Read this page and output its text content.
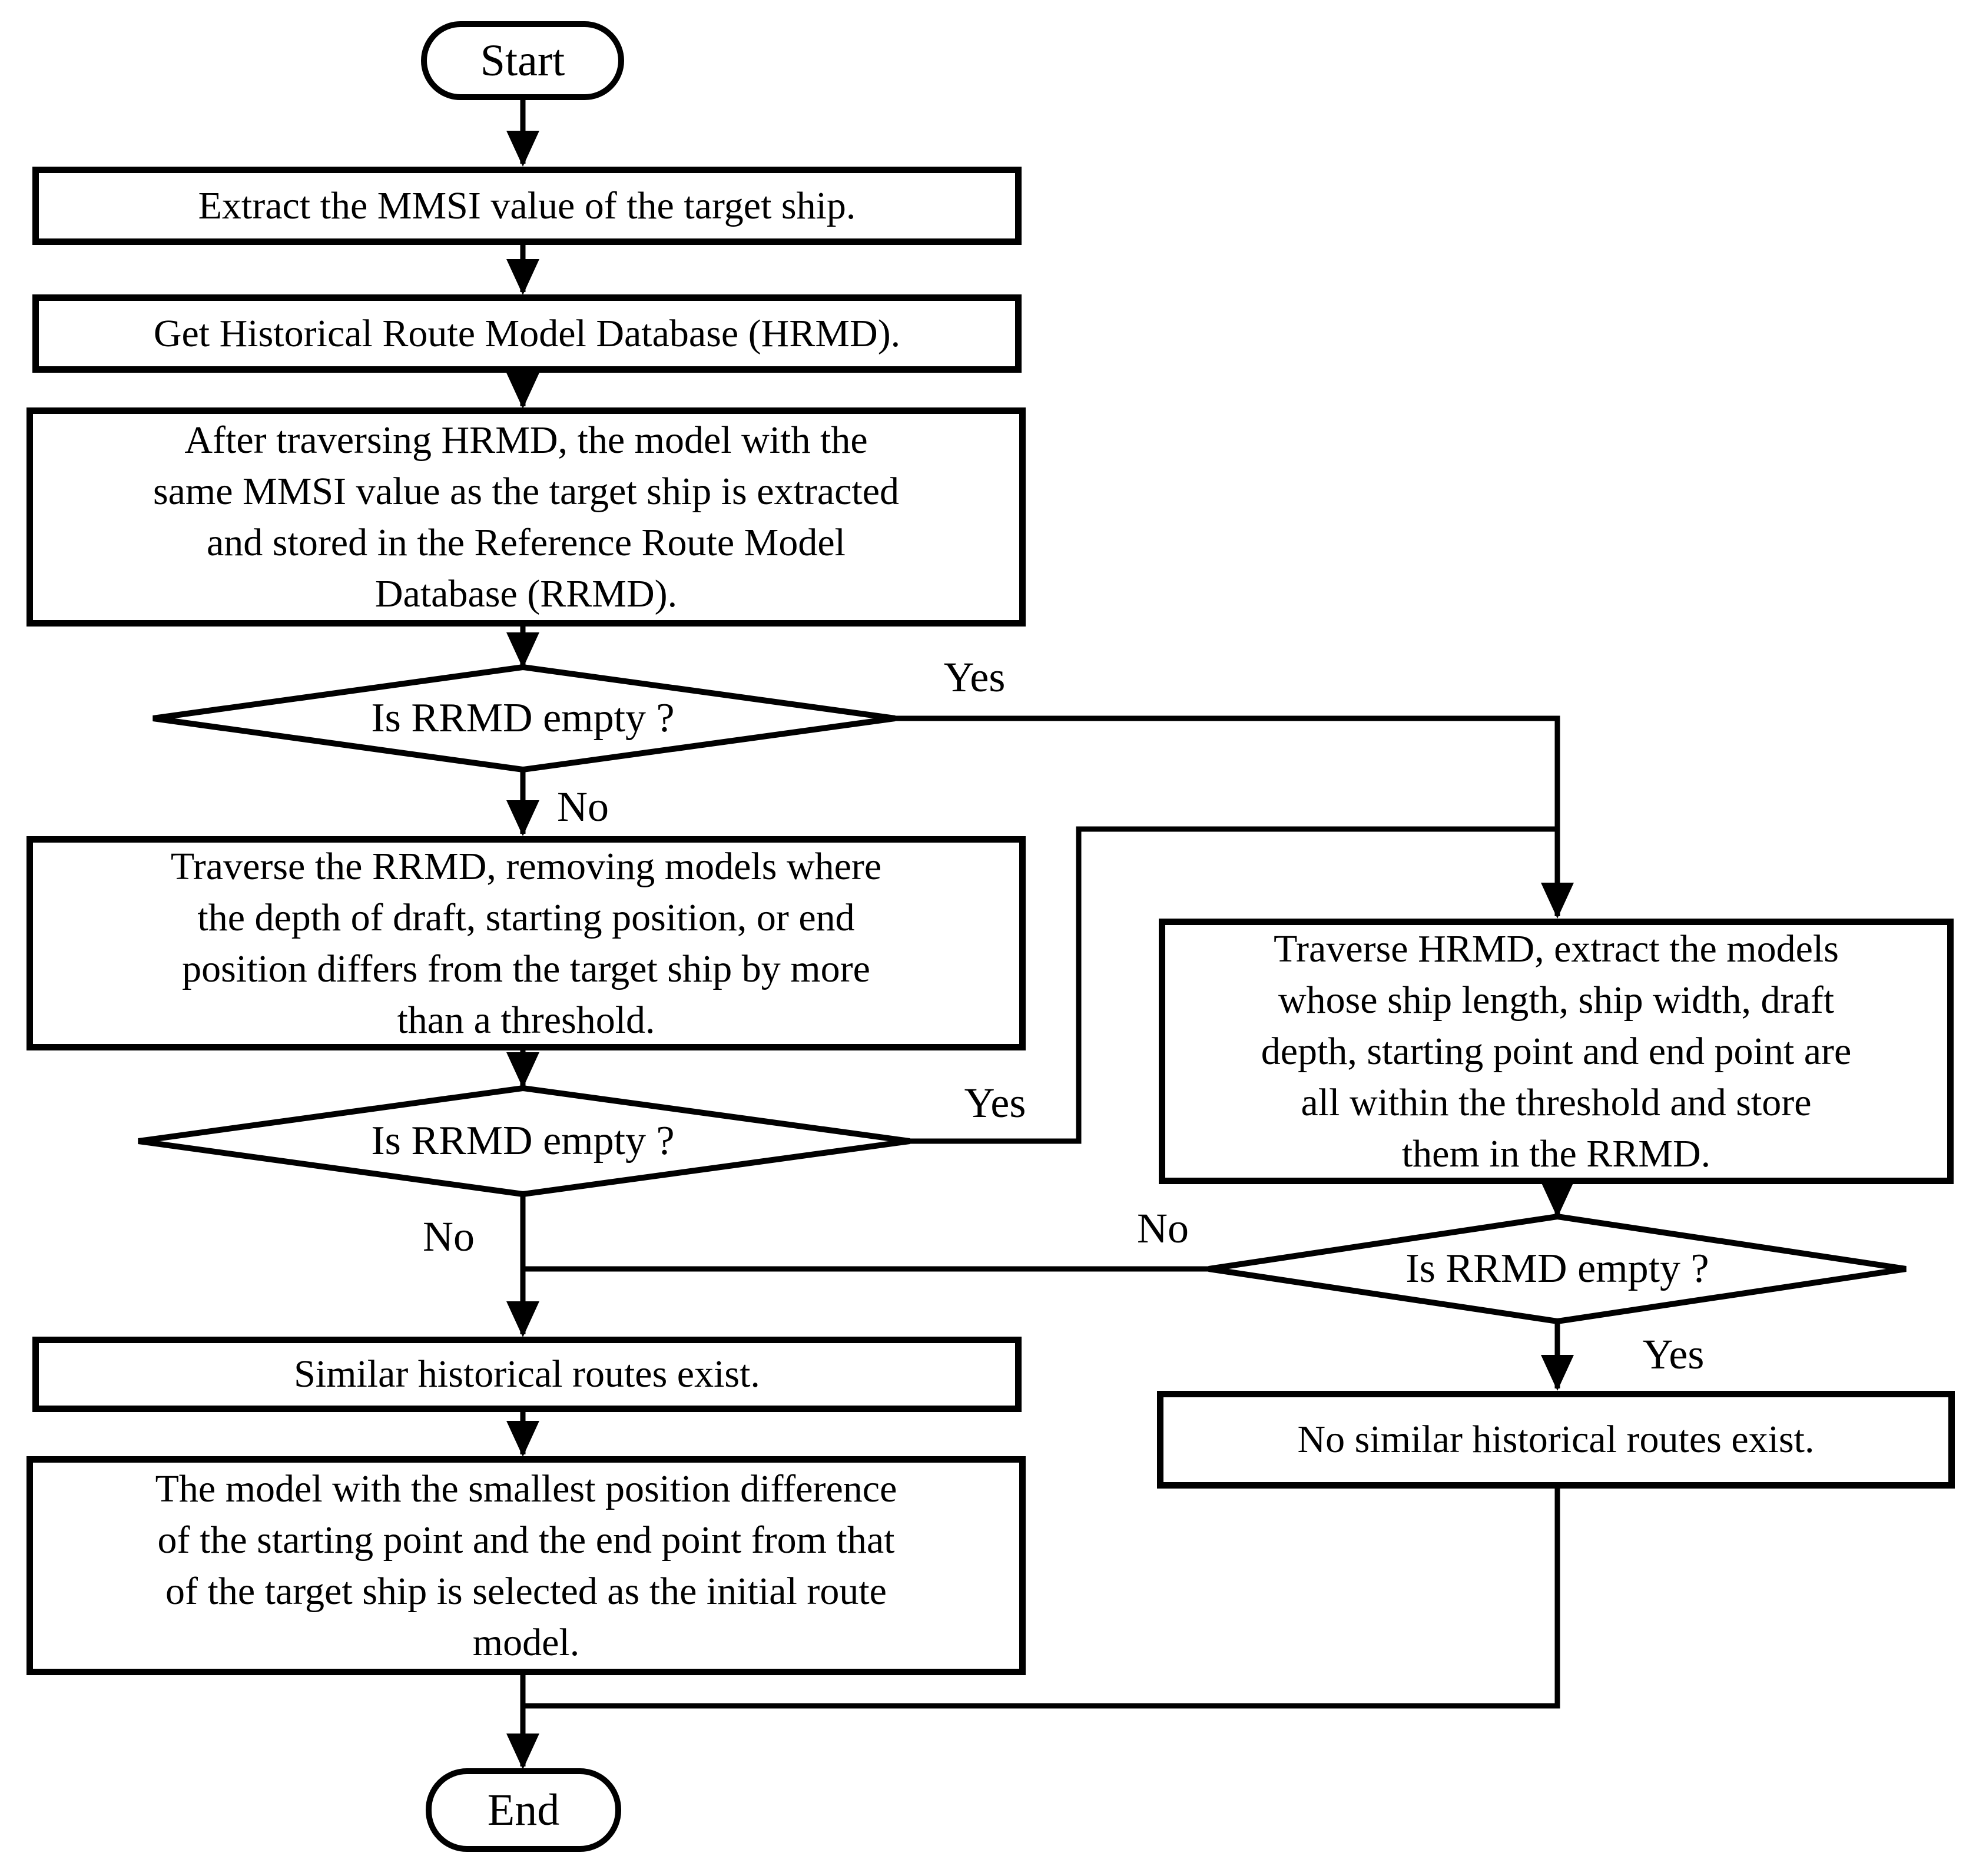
Start
End
Extract the MMSI value of the target ship.
Get Historical Route Model Database (HRMD).
After traversing HRMD, the model with the
same MMSI value as the target ship is extracted
and stored in the Reference Route Model
Database (RRMD).
Traverse the RRMD, removing models where
the depth of draft, starting position, or end
position differs from the target ship by more
than a threshold.
Similar historical routes exist.
The model with the smallest position difference
of the starting point and the end point from that
of the target ship is selected as the initial route
model.
Traverse HRMD, extract the models
whose ship length, ship width, draft
depth, starting point and end point are
all within the threshold and store
them in the RRMD.
No similar historical routes exist.
Is RRMD empty ?
Is RRMD empty ?
Is RRMD empty ?
Yes
No
Yes
No	No
Yes
